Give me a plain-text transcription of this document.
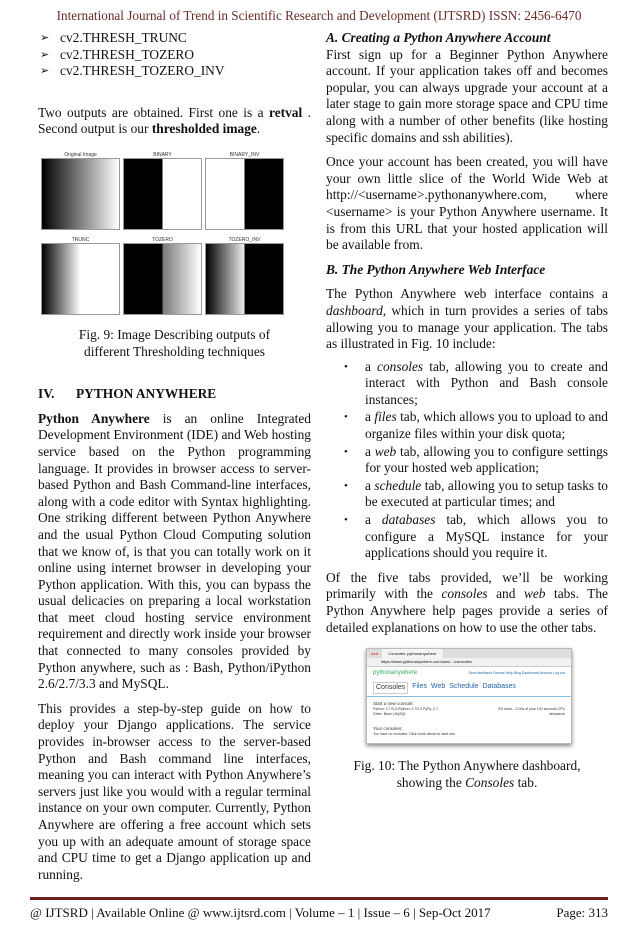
International Journal of Trend in Scientific Research and Development (IJTSRD) ISSN: 2456-6470
➢ cv2.THRESH_TRUNC
➢ cv2.THRESH_TOZERO
➢ cv2.THRESH_TOZERO_INV

Two outputs are obtained. First one is a retval . Second output is our thresholded image.

Original Image	BINARY	BINARY_INV
TRUNC	TOZERO	TOZERO_INV

Fig. 9: Image Describing outputs of different Thresholding techniques

IV. PYTHON ANYWHERE

Python Anywhere is an online Integrated Development Environment (IDE) and Web hosting service based on the Python programming language. It provides in browser access to server-based Python and Bash Command-line interfaces, along with a code editor with Syntax highlighting. One striking different between Python Anywhere and the usual Python Cloud Computing solution that we know of, is that you can totally work on it online using internet browser in developing your Python application. With this, you can bypass the usual delicacies on preparing a local workstation that meet cloud hosting service environment requirement and directly work inside your browser that connected to many consoles provided by Python anywhere, such as : Bash, Python/iPython 2.6/2.7/3.3 and MySQL.

This provides a step-by-step guide on how to deploy your Django applications. The service provides in-browser access to the server-based Python and Bash command line interfaces, meaning you can interact with Python Anywhere’s servers just like you would with a regular terminal instance on your own computer. Currently, Python Anywhere are offering a free account which sets you up with an adequate amount of storage space and CPU time to get a Django application up and running.

A. Creating a Python Anywhere Account

First sign up for a Beginner Python Anywhere account. If your application takes off and becomes popular, you can always upgrade your account at a later stage to gain more storage space and CPU time along with a number of other benefits (like hosting specific domains and ssh abilities).

Once your account has been created, you will have your own little slice of the World Wide Web at http://<username>.pythonanywhere.com, where <username> is your Python Anywhere username. It is from this URL that your hosted application will be available from.

B. The Python Anywhere Web Interface

The Python Anywhere web interface contains a dashboard, which in turn provides a series of tabs allowing you to manage your application. The tabs as illustrated in Fig. 10 include:

• a consoles tab, allowing you to create and interact with Python and Bash console instances;
• a files tab, which allows you to upload to and organize files within your disk quota;
• a web tab, allowing you to configure settings for your hosted web application;
• a schedule tab, allowing you to setup tasks to be executed at particular times; and
• a databases tab, which allows you to configure a MySQL instance for your applications should you require it.

Of the five tabs provided, we’ll be working primarily with the consoles and web tabs. The Python Anywhere help pages provide a series of detailed explanations on how to use the other tabs.

●●●	Consoles: pythonanywhere
https://www.pythonanywhere.com/user/.../consoles/
pythonanywhere	Send feedback Forums Help Blog Dashboard Account Log out
Consoles	Files Web Schedule Databases
Start a new console:
Python: 2.7/3.3 IPython: 2.7/3.3 PyPy: 2.7
Other: Bash | MySQL
0% used – 0.00s of your 100 seconds CPU allowance
Your consoles:
You have no consoles. Click a link above to start one.

Fig. 10: The Python Anywhere dashboard, showing the Consoles tab.

@ IJTSRD | Available Online @ www.ijtsrd.com | Volume – 1 | Issue – 6 | Sep-Oct 2017	Page: 313
